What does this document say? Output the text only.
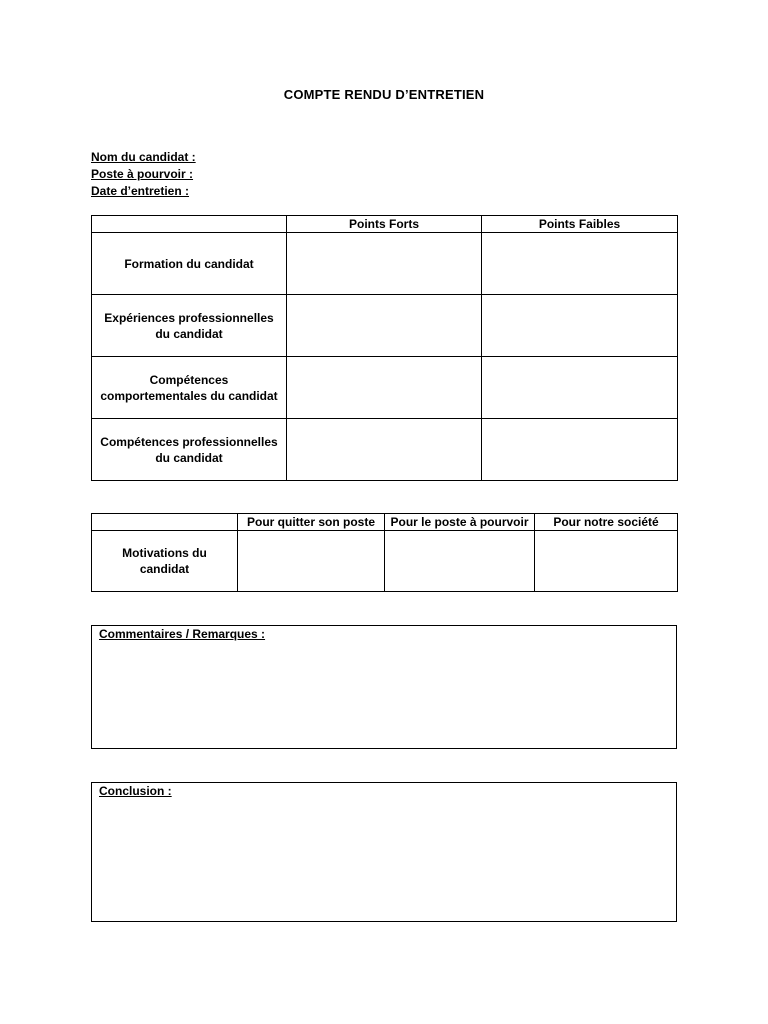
COMPTE RENDU D’ENTRETIEN
Nom du candidat :
Poste à pourvoir :
Date d’entretien :
	Points Forts	Points Faibles
Formation du candidat		
Expériences professionnelles du candidat		
Compétences comportementales du candidat		
Compétences professionnelles du candidat		
	Pour quitter son poste	Pour le poste à pourvoir	Pour notre société
Motivations du candidat			
Commentaires / Remarques :
Conclusion :
